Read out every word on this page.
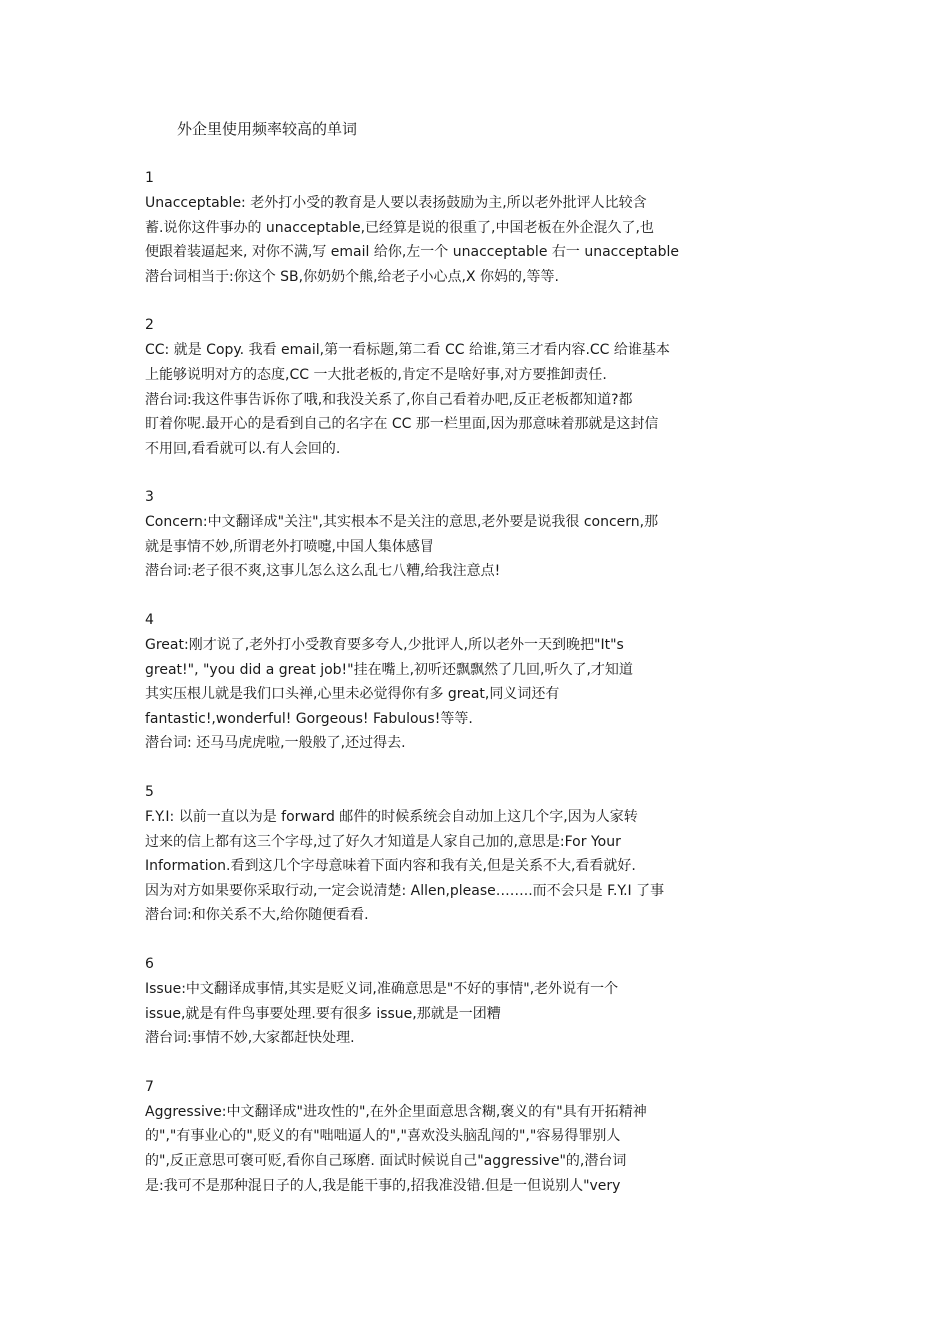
外企里使用频率较高的单词

1

Unacceptable: 老外打小受的教育是人要以表扬鼓励为主,所以老外批评人比较含

蓄.说你这件事办的 unacceptable,已经算是说的很重了,中国老板在外企混久了,也

便跟着装逼起来, 对你不满,写 email 给你,左一个 unacceptable 右一 unacceptable

潜台词相当于:你这个 SB,你奶奶个熊,给老子小心点,X 你妈的,等等.

2

CC: 就是 Copy. 我看 email,第一看标题,第二看 CC 给谁,第三才看内容.CC 给谁基本

上能够说明对方的态度,CC 一大批老板的,肯定不是啥好事,对方要推卸责任.

潜台词:我这件事告诉你了哦,和我没关系了,你自己看着办吧,反正老板都知道?都

盯着你呢.最开心的是看到自己的名字在 CC 那一栏里面,因为那意味着那就是这封信

不用回,看看就可以.有人会回的.

3

Concern:中文翻译成"关注",其实根本不是关注的意思,老外要是说我很 concern,那

就是事情不妙,所谓老外打喷嚏,中国人集体感冒

潜台词:老子很不爽,这事儿怎么这么乱七八糟,给我注意点!

4

Great:刚才说了,老外打小受教育要多夸人,少批评人,所以老外一天到晚把"It"s

great!", "you did a great job!"挂在嘴上,初听还飘飘然了几回,听久了,才知道

其实压根儿就是我们口头禅,心里未必觉得你有多 great,同义词还有

fantastic!,wonderful! Gorgeous! Fabulous!等等.

潜台词: 还马马虎虎啦,一般般了,还过得去.

5

F.Y.I: 以前一直以为是 forward 邮件的时候系统会自动加上这几个字,因为人家转

过来的信上都有这三个字母,过了好久才知道是人家自己加的,意思是:For Your

Information.看到这几个字母意味着下面内容和我有关,但是关系不大,看看就好.

因为对方如果要你采取行动,一定会说清楚: Allen,please……..而不会只是 F.Y.I 了事

潜台词:和你关系不大,给你随便看看.

6

Issue:中文翻译成事情,其实是贬义词,准确意思是"不好的事情",老外说有一个

issue,就是有件鸟事要处理.要有很多 issue,那就是一团糟

潜台词:事情不妙,大家都赶快处理.

7

Aggressive:中文翻译成"进攻性的",在外企里面意思含糊,褒义的有"具有开拓精神

的","有事业心的",贬义的有"咄咄逼人的","喜欢没头脑乱闯的","容易得罪别人

的",反正意思可褒可贬,看你自己琢磨. 面试时候说自己"aggressive"的,潜台词

是:我可不是那种混日子的人,我是能干事的,招我准没错.但是一但说别人"very
